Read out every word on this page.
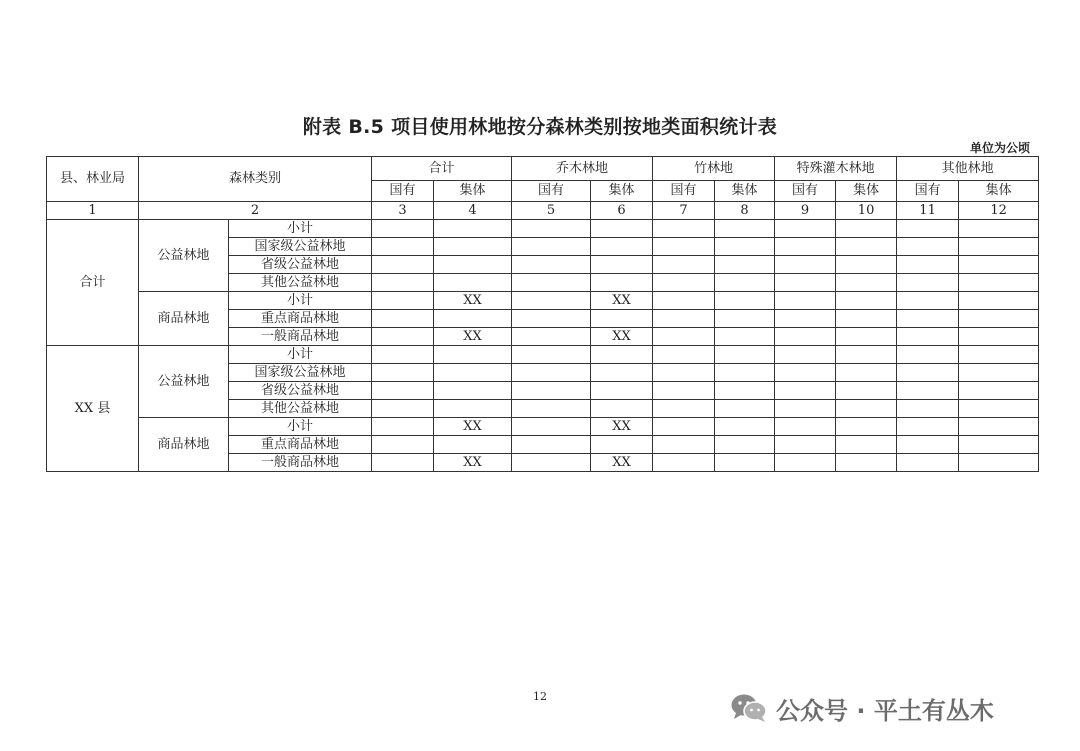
附表 B.5 项目使用林地按分森林类别按地类面积统计表
单位为公顷
县、林业局	森林类别		合计		乔木林地		竹林地		特殊灌木林地		其他林地	
			国有	集体	国有	集体	国有	集体	国有	集体	国有	集体
1	2		3	4	5	6	7	8	9	10	11	12
合计	公益林地	小计										
		国家级公益林地										
		省级公益林地										
		其他公益林地										
	商品林地	小计		XX		XX						
		重点商品林地										
		一般商品林地		XX		XX						
XX 县	公益林地	小计										
		国家级公益林地										
		省级公益林地										
		其他公益林地										
	商品林地	小计		XX		XX						
		重点商品林地										
		一般商品林地		XX		XX						
12	公众号 · 平土有丛木
